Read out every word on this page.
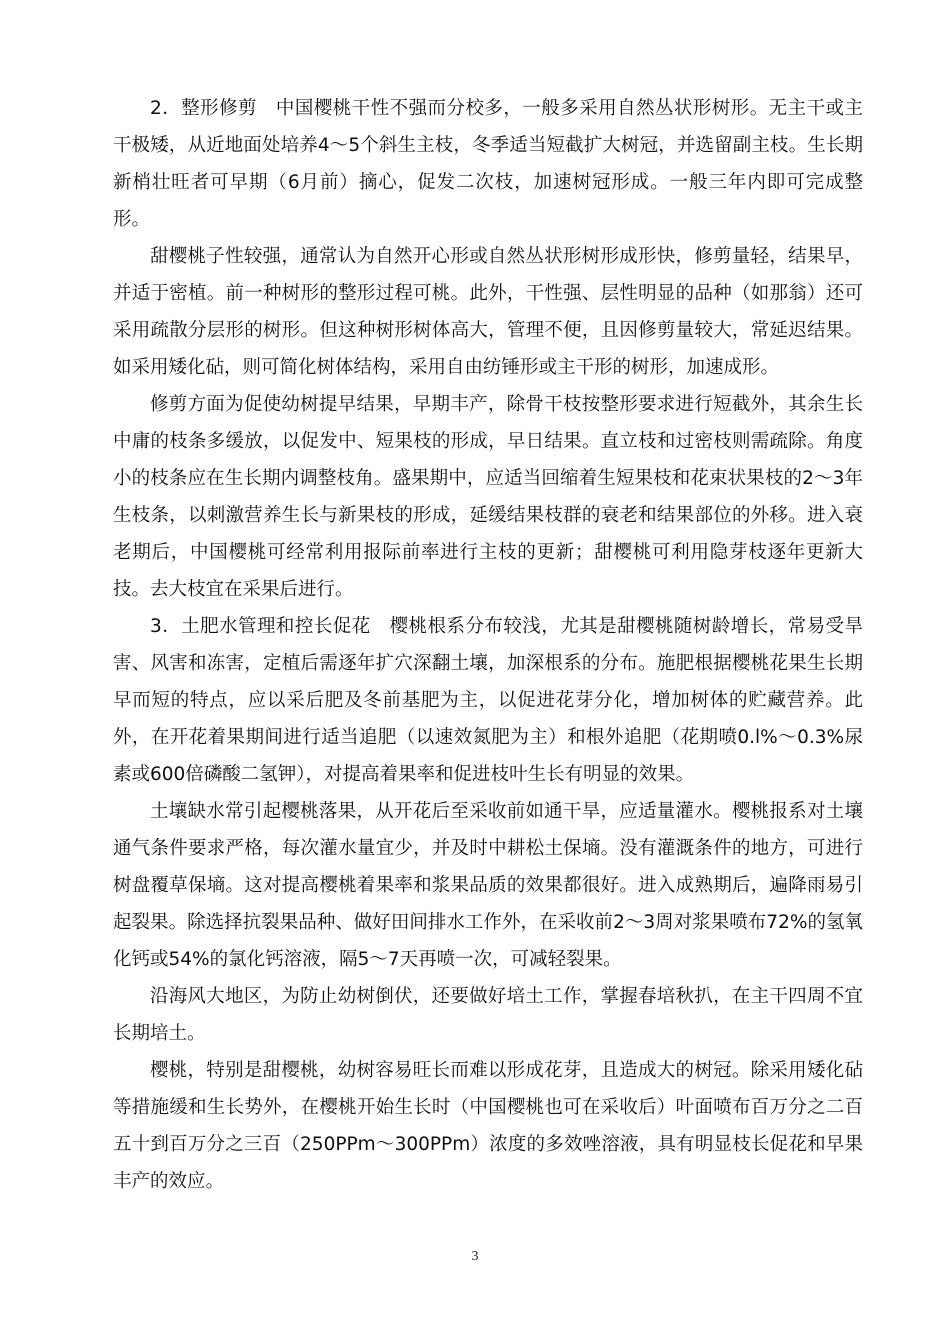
2．整形修剪　中国樱桃干性不强而分校多，一般多采用自然丛状形树形。无主干或主干极矮，从近地面处培养4～5个斜生主枝，冬季适当短截扩大树冠，并选留副主枝。生长期新梢壮旺者可早期（6月前）摘心，促发二次枝，加速树冠形成。一般三年内即可完成整形。

甜樱桃子性较强，通常认为自然开心形或自然丛状形树形成形快，修剪量轻，结果早，并适于密植。前一种树形的整形过程可桃。此外，干性强、层性明显的品种（如那翁）还可采用疏散分层形的树形。但这种树形树体高大，管理不便，且因修剪量较大，常延迟结果。如采用矮化砧，则可简化树体结构，采用自由纺锤形或主干形的树形，加速成形。

修剪方面为促使幼树提早结果，早期丰产，除骨干枝按整形要求进行短截外，其余生长中庸的枝条多缓放，以促发中、短果枝的形成，早日结果。直立枝和过密枝则需疏除。角度小的枝条应在生长期内调整枝角。盛果期中，应适当回缩着生短果枝和花束状果枝的2～3年生枝条，以刺激营养生长与新果枝的形成，延缓结果枝群的衰老和结果部位的外移。进入衰老期后，中国樱桃可经常利用报际前率进行主枝的更新；甜樱桃可利用隐芽枝逐年更新大技。去大枝宜在采果后进行。

3．土肥水管理和控长促花　樱桃根系分布较浅，尤其是甜樱桃随树龄增长，常易受旱害、风害和冻害，定植后需逐年扩穴深翻土壤，加深根系的分布。施肥根据樱桃花果生长期早而短的特点，应以采后肥及冬前基肥为主，以促进花芽分化，增加树体的贮藏营养。此外，在开花着果期间进行适当追肥（以速效氮肥为主）和根外追肥（花期喷0.l%～0.3%尿素或600倍磷酸二氢钾），对提高着果率和促进枝叶生长有明显的效果。

土壤缺水常引起樱桃落果，从开花后至采收前如通干旱，应适量灌水。樱桃报系对土壤通气条件要求严格，每次灌水量宜少，并及时中耕松土保墒。没有灌溉条件的地方，可进行树盘覆草保墒。这对提高樱桃着果率和浆果品质的效果都很好。进入成熟期后，遍降雨易引起裂果。除选择抗裂果品种、做好田间排水工作外，在采收前2～3周对浆果喷布72%的氢氧化钙或54%的氯化钙溶液，隔5～7天再喷一次，可减轻裂果。

沿海风大地区，为防止幼树倒伏，还要做好培土工作，掌握春培秋扒，在主干四周不宜长期培土。

樱桃，特别是甜樱桃，幼树容易旺长而难以形成花芽，且造成大的树冠。除采用矮化砧等措施缓和生长势外，在樱桃开始生长时（中国樱桃也可在采收后）叶面喷布百万分之二百五十到百万分之三百（250PPm～300PPm）浓度的多效唑溶液，具有明显枝长促花和早果丰产的效应。

3
